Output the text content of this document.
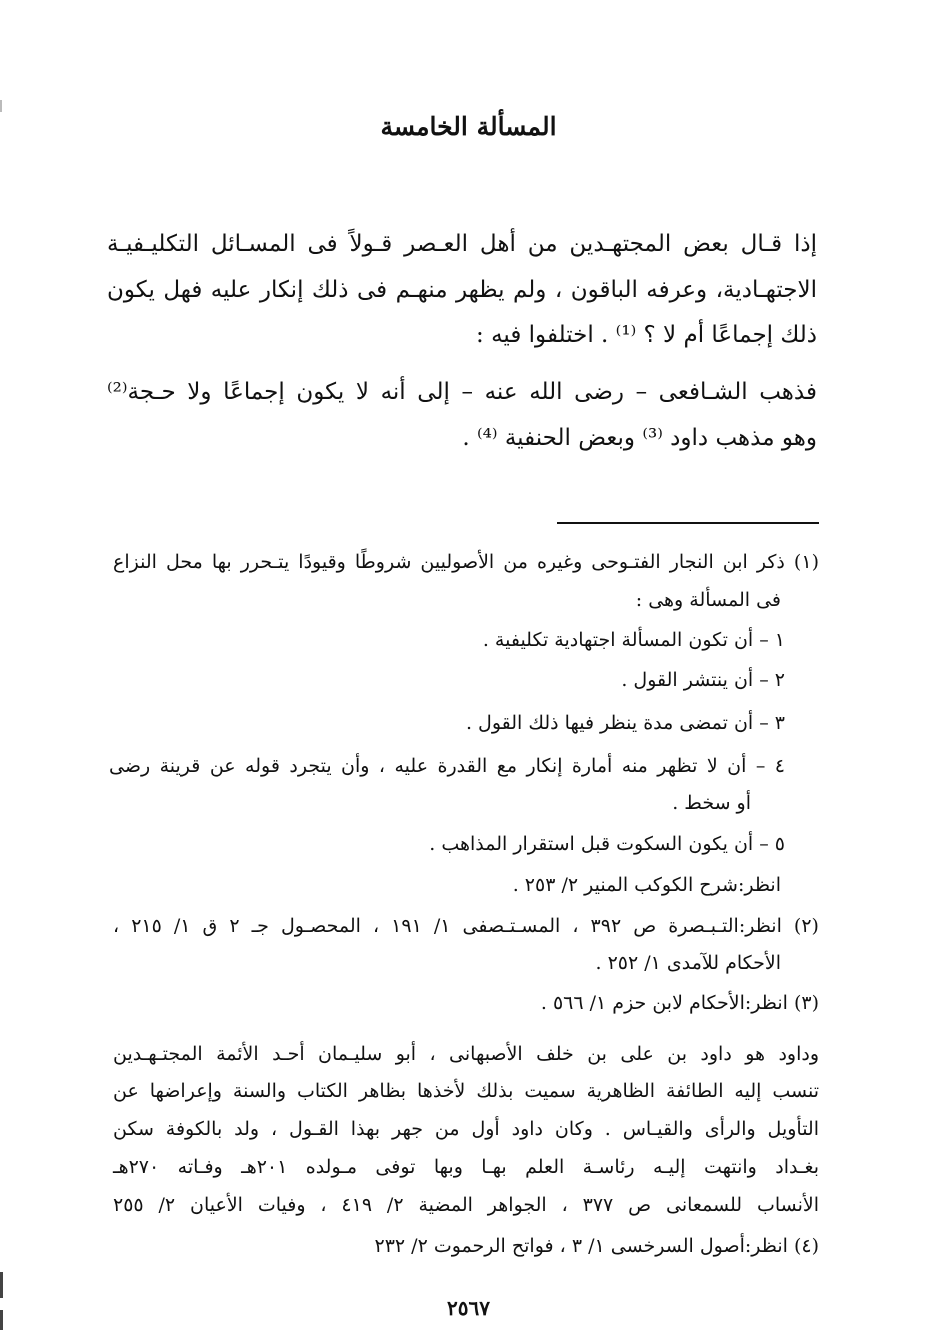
المسألة الخامسة
إذا قـال بعض المجتهـدين من أهل العـصر قـولاً فى المسـائل التكليـفيـة
الاجتهـادية، وعرفه الباقون ، ولم يظهر منهـم فى ذلك إنكار عليه فهل يكون
ذلك إجماعًا أم لا ؟ ⁽¹⁾ . اختلفوا فيه :
فذهب الشـافعى – رضى الله عنه – إلى أنه لا يكون إجماعًا ولا حـجة⁽²⁾
وهو مذهب داود ⁽³⁾ وبعض الحنفية ⁽⁴⁾ .
(١) ذكر ابن النجار الفتـوحى وغيره من الأصوليين شروطًا وقيودًا يتـحرر بها محل النزاع
فى المسألة وهى :
١ – أن تكون المسألة اجتهادية تكليفية .
٢ – أن ينتشر القول .
٣ – أن تمضى مدة ينظر فيها ذلك القول .
٤ – أن لا تظهر منه أمارة إنكار مع القدرة عليه ، وأن يتجرد قوله عن قرينة رضى
أو سخط .
٥ – أن يكون السكوت قبل استقرار المذاهب .
انظر:شرح الكوكب المنير ٢/ ٢٥٣ .
(٢) انظر:التـبـصرة ص ٣٩٢ ، المسـتـصفى ١/ ١٩١ ، المحصـول جـ ٢ ق ١/ ٢١٥ ،
الأحكام للآمدى ١/ ٢٥٢ .
(٣) انظر:الأحكام لابن حزم ١/ ٥٦٦ .
وداود هو داود بن على بن خلف الأصبهانى ، أبو سليـمان أحـد الأئمة المجتـهـدين
تنسب إليه الطائفة الظاهرية سميت بذلك لأخذها بظاهر الكتاب والسنة وإعراضها عن
التأويل والرأى والقيـاس . وكان داود أول من جهر بهذا القـول ، ولد بالكوفة سكن
بغـداد وانتهت إليـه رئاسـة العلم بهـا وبها توفى مـولده ٢٠١هـ وفـاته ٢٧٠هـ
الأنساب للسمعانى ص ٣٧٧ ، الجواهر المضية ٢/ ٤١٩ ، وفيات الأعيان ٢/ ٢٥٥
(٤) انظر:أصول السرخسى ١/ ٣ ، فواتح الرحموت ٢/ ٢٣٢
٢٥٦٧
